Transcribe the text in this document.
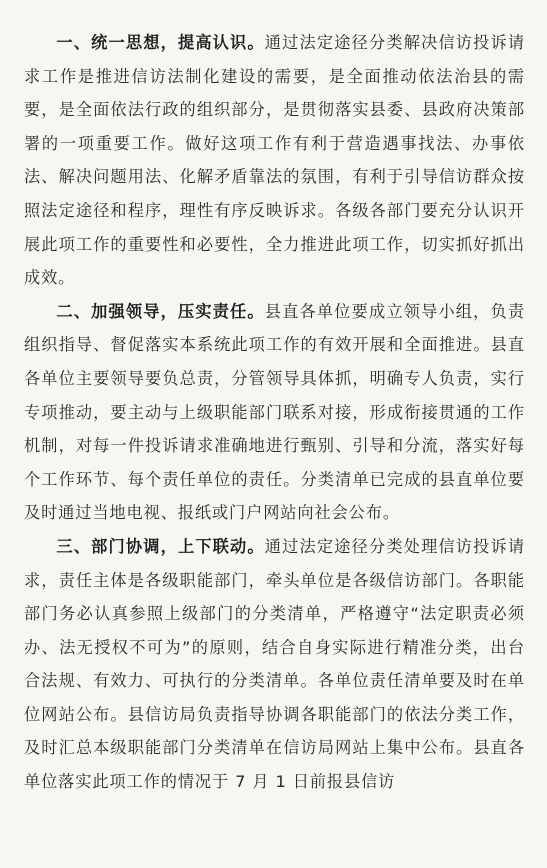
一、统一思想，提高认识。通过法定途径分类解决信访投诉请求工作是推进信访法制化建设的需要，是全面推动依法治县的需要，是全面依法行政的组织部分，是贯彻落实县委、县政府决策部署的一项重要工作。做好这项工作有利于营造遇事找法、办事依法、解决问题用法、化解矛盾靠法的氛围，有利于引导信访群众按照法定途径和程序，理性有序反映诉求。各级各部门要充分认识开展此项工作的重要性和必要性，全力推进此项工作，切实抓好抓出成效。

二、加强领导，压实责任。县直各单位要成立领导小组，负责组织指导、督促落实本系统此项工作的有效开展和全面推进。县直各单位主要领导要负总责，分管领导具体抓，明确专人负责，实行专项推动，要主动与上级职能部门联系对接，形成衔接贯通的工作机制，对每一件投诉请求准确地进行甄别、引导和分流，落实好每个工作环节、每个责任单位的责任。分类清单已完成的县直单位要及时通过当地电视、报纸或门户网站向社会公布。

三、部门协调，上下联动。通过法定途径分类处理信访投诉请求，责任主体是各级职能部门，牵头单位是各级信访部门。各职能部门务必认真参照上级部门的分类清单，严格遵守“法定职责必须办、法无授权不可为”的原则，结合自身实际进行精准分类，出台合法规、有效力、可执行的分类清单。各单位责任清单要及时在单位网站公布。县信访局负责指导协调各职能部门的依法分类工作，及时汇总本级职能部门分类清单在信访局网站上集中公布。县直各单位落实此项工作的情况于 7 月 1 日前报县信访
